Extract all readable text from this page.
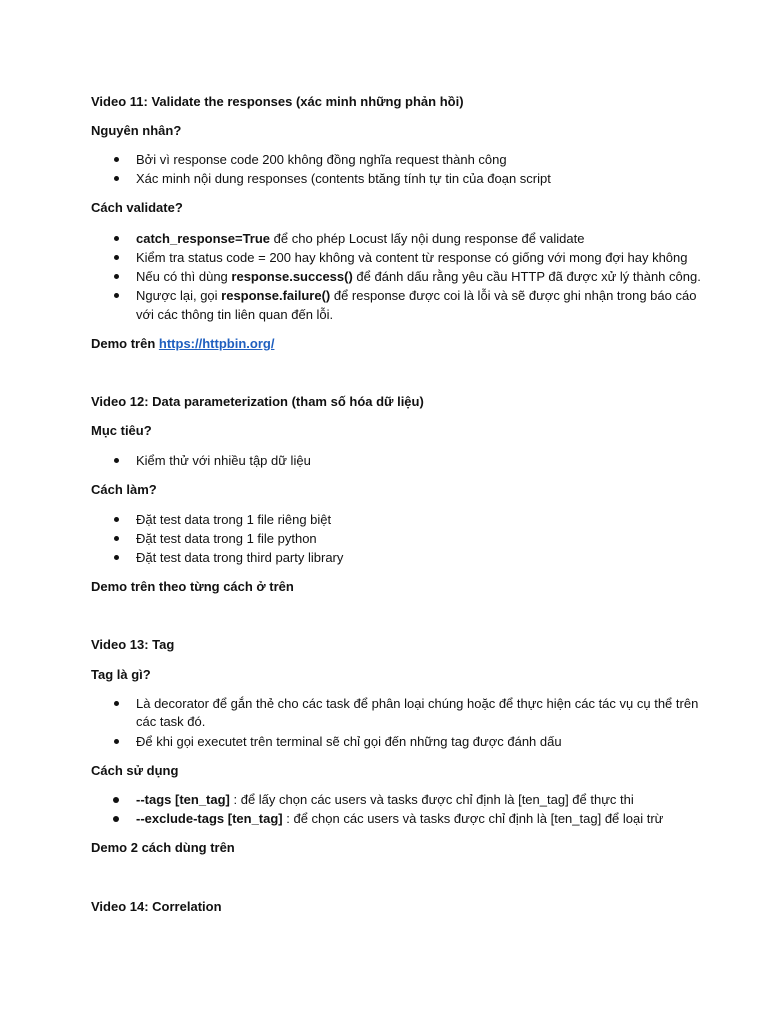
Video 11: Validate the responses (xác minh những phản hồi)
Nguyên nhân?
Bởi vì response code 200 không đồng nghĩa request thành công
Xác minh nội dung responses (contents btăng tính tự tin của đoạn script
Cách validate?
catch_response=True để cho phép Locust lấy nội dung response để validate
Kiểm tra status code = 200 hay không và content từ response có giống với mong đợi hay không
Nếu có thì dùng response.success() để đánh dấu rằng yêu cầu HTTP đã được xử lý thành công.
Ngược lại, gọi response.failure() để response được coi là lỗi và sẽ được ghi nhận trong báo cáo
với các thông tin liên quan đến lỗi.
Demo trên https://httpbin.org/
Video 12: Data parameterization (tham số hóa dữ liệu)
Mục tiêu?
Kiểm thử với nhiều tập dữ liệu
Cách làm?
Đặt test data trong 1 file riêng biệt
Đặt test data trong 1 file python
Đặt test data trong third party library
Demo trên theo từng cách ở trên
Video 13: Tag
Tag là gì?
Là decorator để gắn thẻ cho các task để phân loại chúng hoặc để thực hiện các tác vụ cụ thể trên
các task đó.
Để khi gọi executet trên terminal sẽ chỉ gọi đến những tag được đánh dấu
Cách sử dụng
--tags [ten_tag] : để lấy chọn các users và tasks được chỉ định là [ten_tag] để thực thi
--exclude-tags [ten_tag] : để chọn các users và tasks được chỉ định là [ten_tag] để loại trừ
Demo 2 cách dùng trên
Video 14: Correlation
